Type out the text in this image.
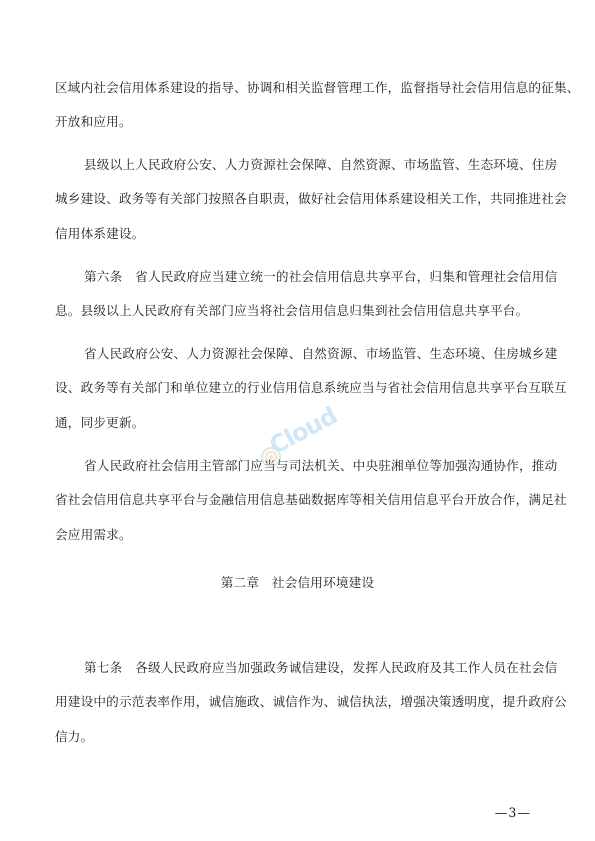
区域内社会信用体系建设的指导、协调和相关监督管理工作，监督指导社会信用信息的征集、
开放和应用。
县级以上人民政府公安、人力资源社会保障、自然资源、市场监管、生态环境、住房
城乡建设、政务等有关部门按照各自职责，做好社会信用体系建设相关工作，共同推进社会
信用体系建设。
第六条　省人民政府应当建立统一的社会信用信息共享平台，归集和管理社会信用信
息。县级以上人民政府有关部门应当将社会信用信息归集到社会信用信息共享平台。
省人民政府公安、人力资源社会保障、自然资源、市场监管、生态环境、住房城乡建
设、政务等有关部门和单位建立的行业信用信息系统应当与省社会信用信息共享平台互联互
通，同步更新。
省人民政府社会信用主管部门应当与司法机关、中央驻湘单位等加强沟通协作，推动
省社会信用信息共享平台与金融信用信息基础数据库等相关信用信息平台开放合作，满足社
会应用需求。
第二章　社会信用环境建设
第七条　各级人民政府应当加强政务诚信建设，发挥人民政府及其工作人员在社会信
用建设中的示范表率作用，诚信施政、诚信作为、诚信执法，增强决策透明度，提升政府公
信力。
—3—
Cloud
